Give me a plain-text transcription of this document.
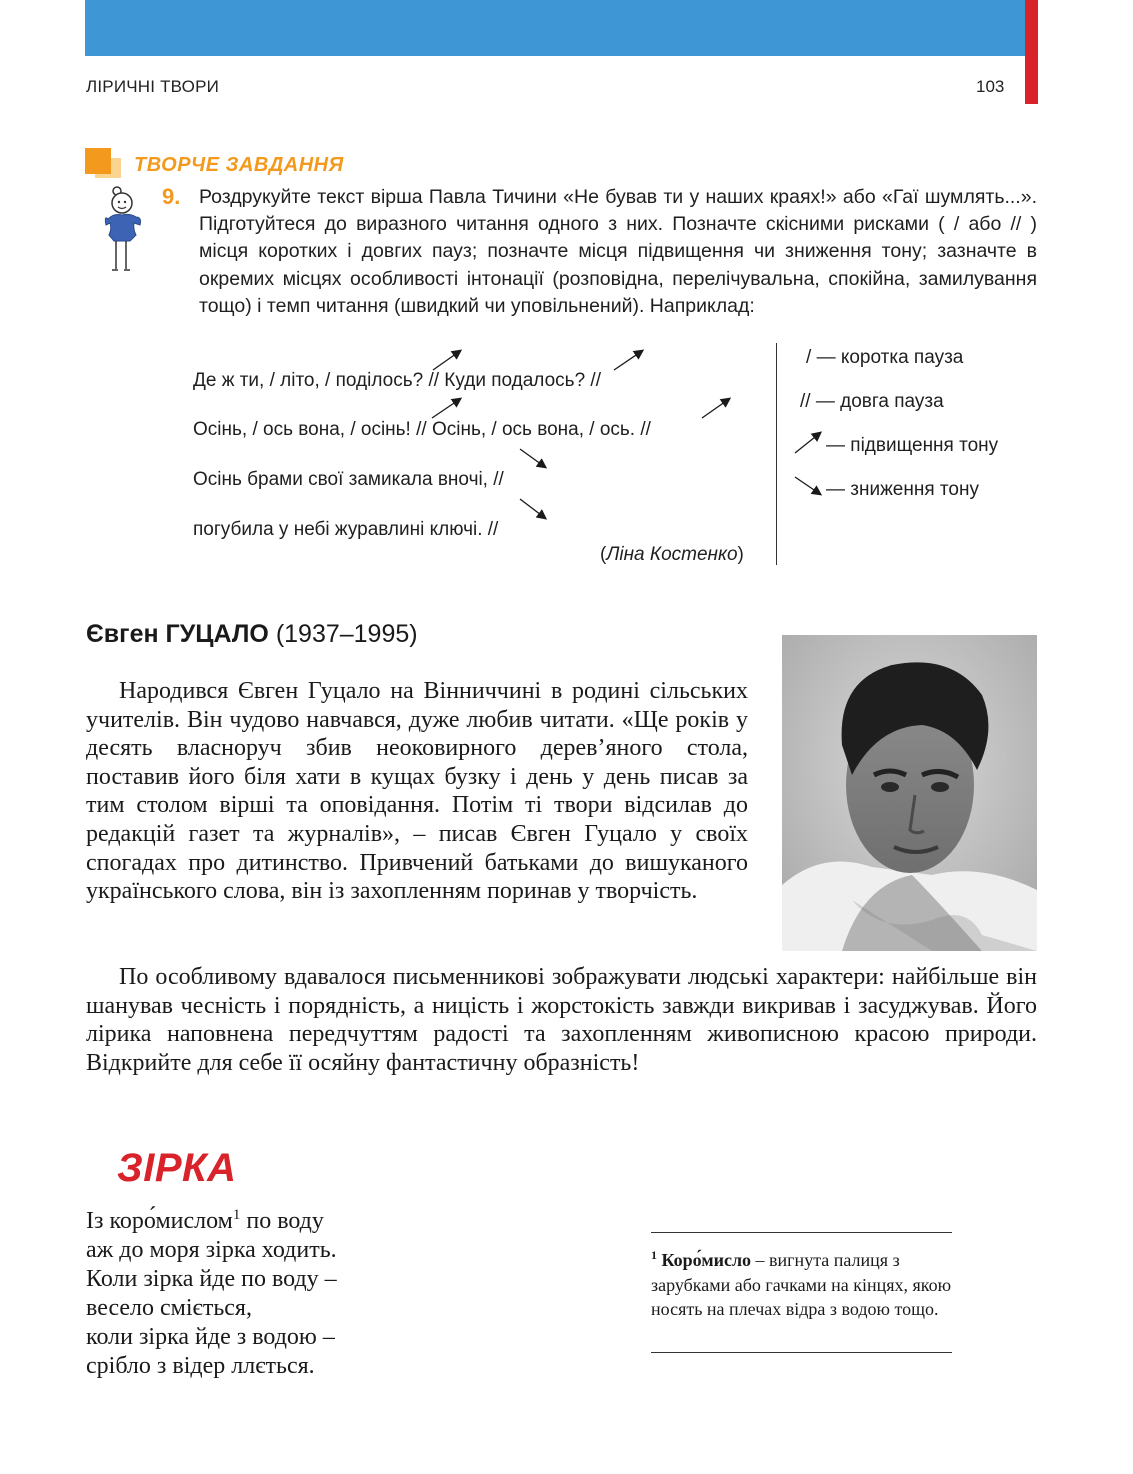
ЛІРИЧНІ ТВОРИ	103
ТВОРЧЕ ЗАВДАННЯ
9. Роздрукуйте текст вірша Павла Тичини «Не бував ти у наших краях!» або «Гаї шумлять...». Підготуйтеся до виразного читання одного з них. Позначте скісними рисками ( / або // ) місця коротких і довгих пауз; позначте місця підвищення чи зниження тону; зазначте в окремих місцях особливості інтонації (розповідна, перелічувальна, спокійна, замилування тощо) і темп читання (швидкий чи уповільнений). Наприклад:
Де ж ти, / літо, / поділось? // Куди подалось? //
Осінь, / ось вона, / осінь! // Осінь, / ось вона, / ось. //
Осінь брами свої замикала вночі, //
погубила у небі журавлині ключі. //
(Ліна Костенко)
/ — коротка пауза
// — довга пауза
— підвищення тону
— зниження тону
Євген ГУЦАЛО (1937–1995)
Народився Євген Гуцало на Вінниччині в родині сільських учителів. Він чудово навчався, дуже любив читати. «Ще років у десять власноруч збив неоковирного дерев’яного стола, поставив його біля хати в кущах бузку і день у день писав за тим столом вірші та оповідання. Потім ті твори відсилав до редакцій газет та журналів», – писав Євген Гуцало у своїх спогадах про дитинство. Привчений батьками до вишуканого українського слова, він із захопленням поринав у творчість.
По особливому вдавалося письменникові зображувати людські характери: найбільше він шанував чесність і порядність, а ницість і жорстокість завжди викривав і засуджував. Його лірика наповнена передчуттям радості та захопленням живописною красою природи. Відкрийте для себе її осяйну фантастичну образність!
ЗІРКА
Із коро́мислом$^1$ по воду
аж до моря зірка ходить.
Коли зірка йде по воду –
весело сміється,
коли зірка йде з водою –
срібло з відер ллється.
$^1$ Коро́мисло – вигнута палиця з зарубками або гачками на кінцях, якою носять на плечах відра з водою тощо.
